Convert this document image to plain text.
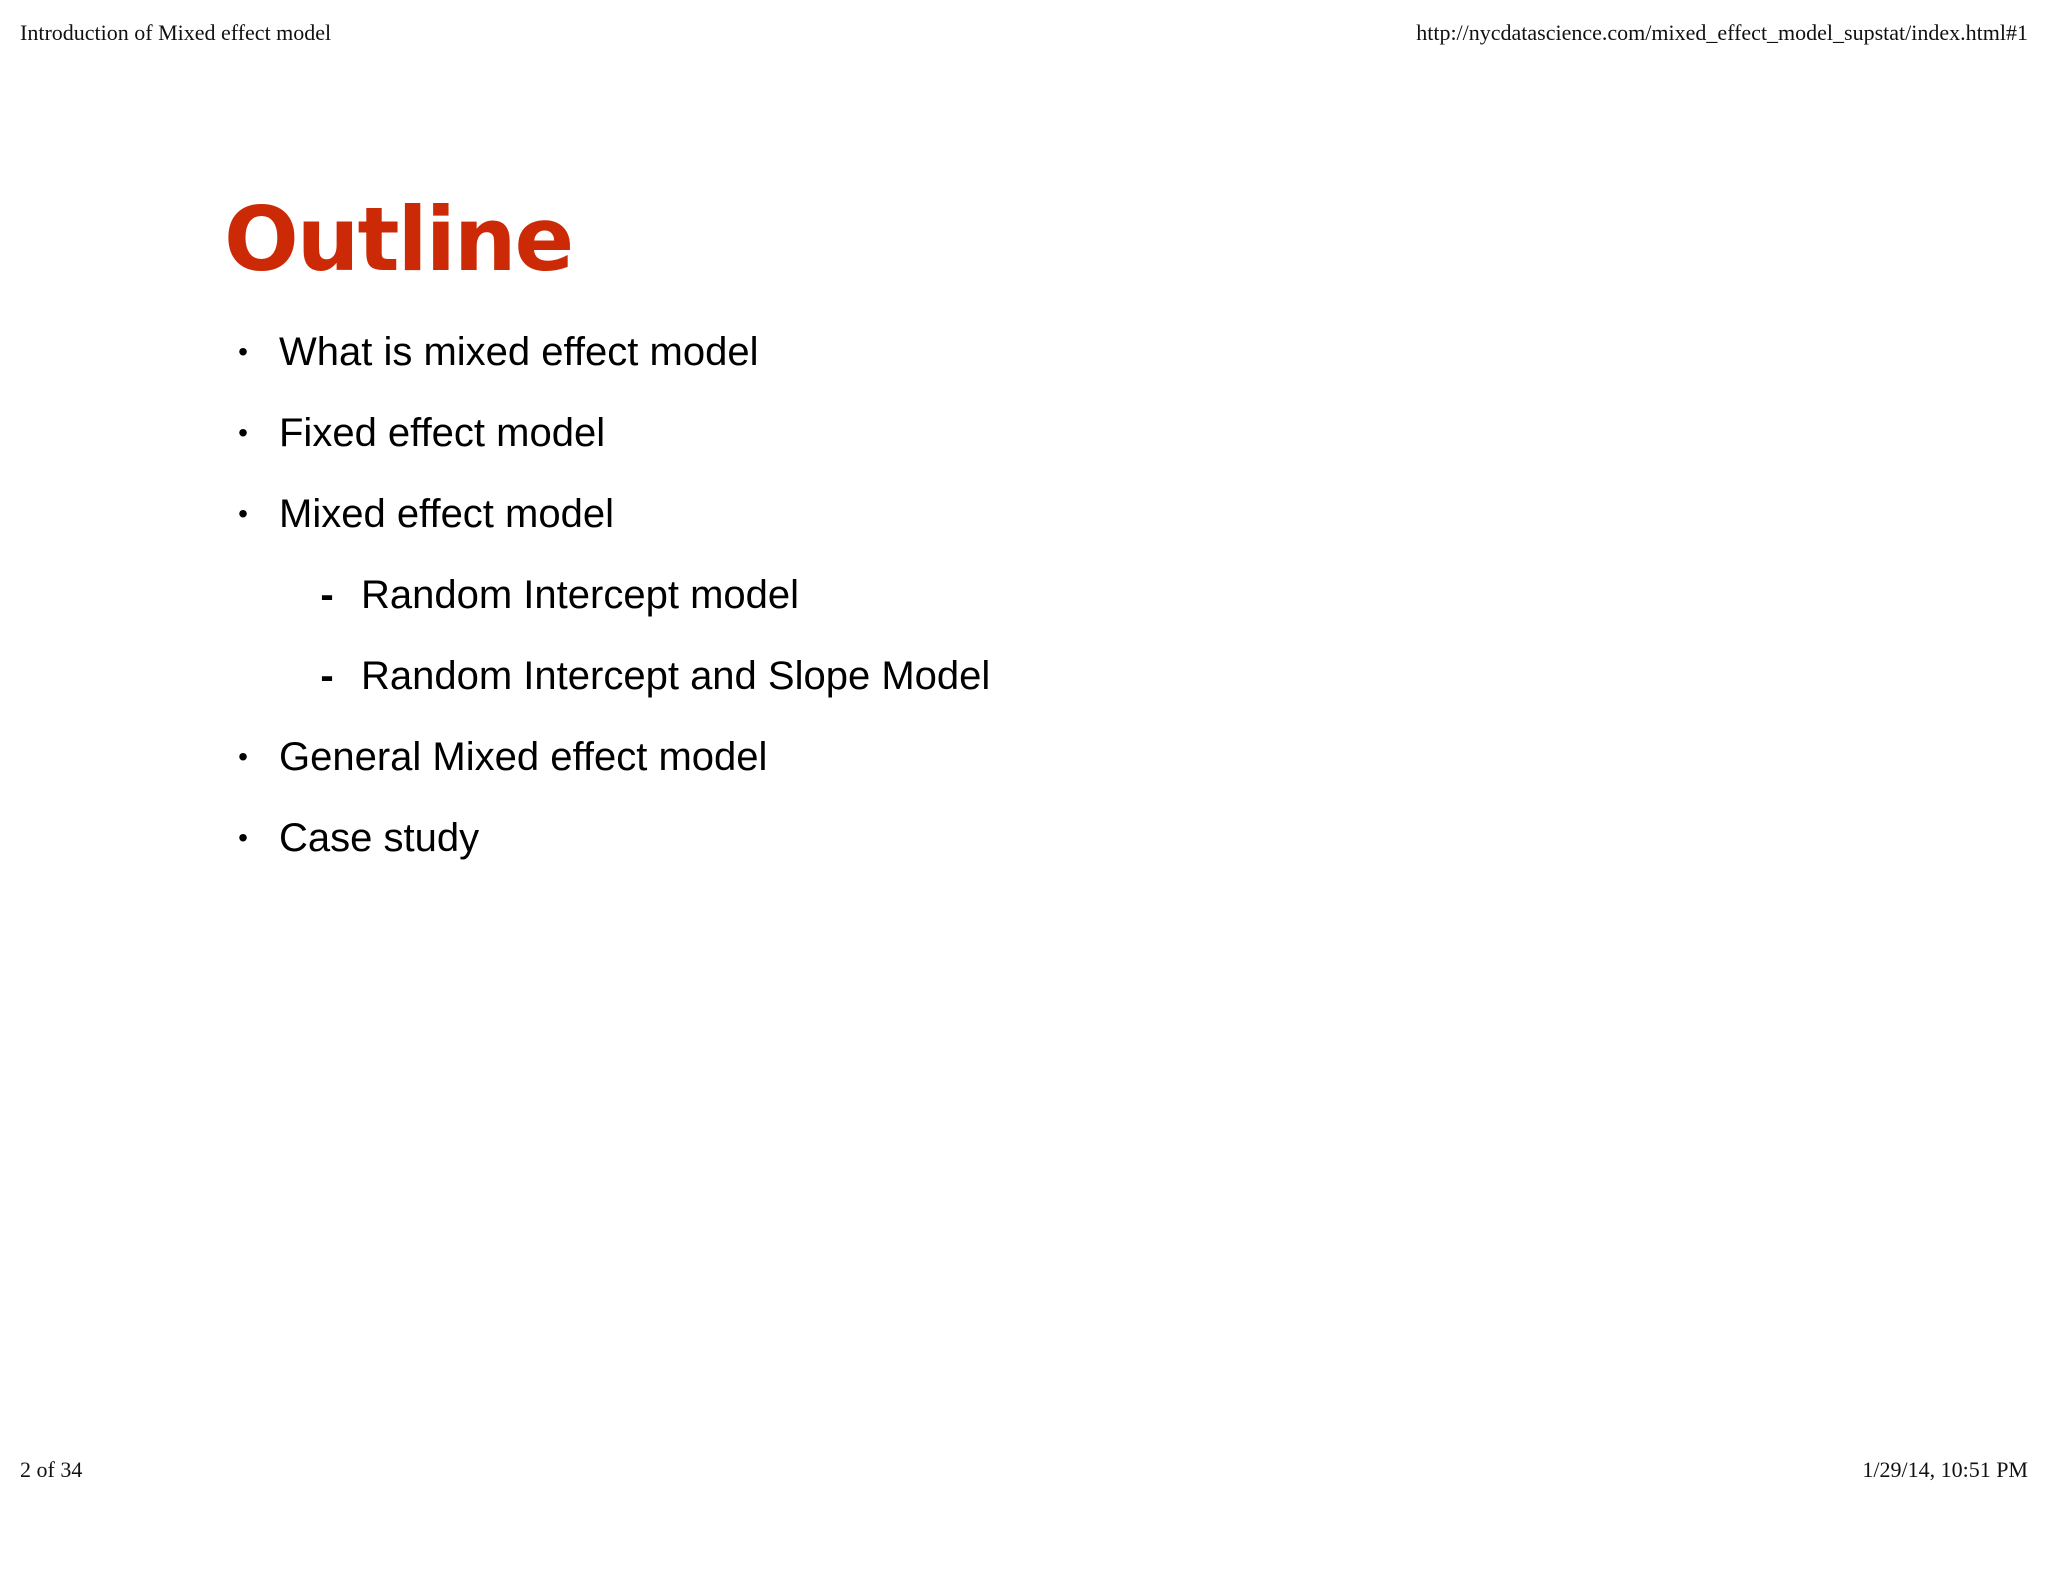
Introduction of Mixed effect model	http://nycdatascience.com/mixed_effect_model_supstat/index.html#1
Outline
• What is mixed effect model
• Fixed effect model
• Mixed effect model
- Random Intercept model
- Random Intercept and Slope Model
• General Mixed effect model
• Case study
2 of 34	1/29/14, 10:51 PM
